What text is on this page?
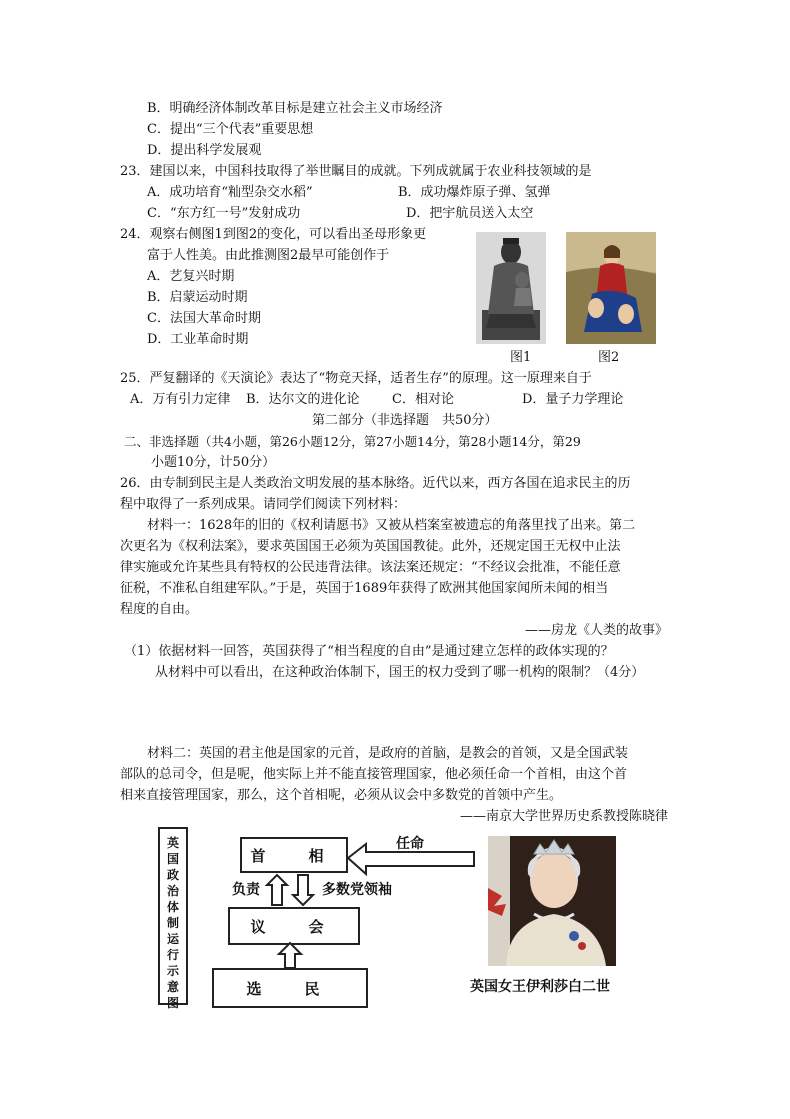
B．明确经济体制改革目标是建立社会主义市场经济
C．提出“三个代表”重要思想
D．提出科学发展观
23．建国以来，中国科技取得了举世瞩目的成就。下列成就属于农业科技领域的是
A．成功培育“籼型杂交水稻”	B．成功爆炸原子弹、氢弹
C．“东方红一号”发射成功	D．把宇航员送入太空
24．观察右侧图1到图2的变化，可以看出圣母形象更
富于人性美。由此推测图2最早可能创作于
A．艺复兴时期
B．启蒙运动时期
C．法国大革命时期
D．工业革命时期
图1	图2
25．严复翻译的《天演论》表达了“物竞天择，适者生存”的原理。这一原理来自于
A．万有引力定律 B．达尔文的进化论 C．相对论	D．量子力学理论
第二部分（非选择题　共50分）
二、非选择题（共4小题，第26小题12分，第27小题14分，第28小题14分，第29
小题10分，计50分）
26．由专制到民主是人类政治文明发展的基本脉络。近代以来，西方各国在追求民主的历
程中取得了一系列成果。请同学们阅读下列材料：
材料一：1628年的旧的《权利请愿书》又被从档案室被遗忘的角落里找了出来。第二
次更名为《权利法案》，要求英国国王必须为英国国教徒。此外，还规定国王无权中止法
律实施或允许某些具有特权的公民违背法律。该法案还规定：“不经议会批准，不能任意
征税，不准私自组建军队。”于是，英国于1689年获得了欧洲其他国家闻所未闻的相当
程度的自由。
——房龙《人类的故事》
（1）依据材料一回答，英国获得了“相当程度的自由”是通过建立怎样的政体实现的？
从材料中可以看出，在这种政治体制下，国王的权力受到了哪一机构的限制？（4分）
材料二：英国的君主他是国家的元首，是政府的首脑，是教会的首领，又是全国武装
部队的总司令，但是呢，他实际上并不能直接管理国家，他必须任命一个首相，由这个首
相来直接管理国家，那么，这个首相呢，必须从议会中多数党的首领中产生。
——南京大学世界历史系教授陈晓律
英
国
政
治
体
制
运
行
示
意
图
首　相
议　会
选　民
任命
负责	多数党领袖
英国女王伊利莎白二世
